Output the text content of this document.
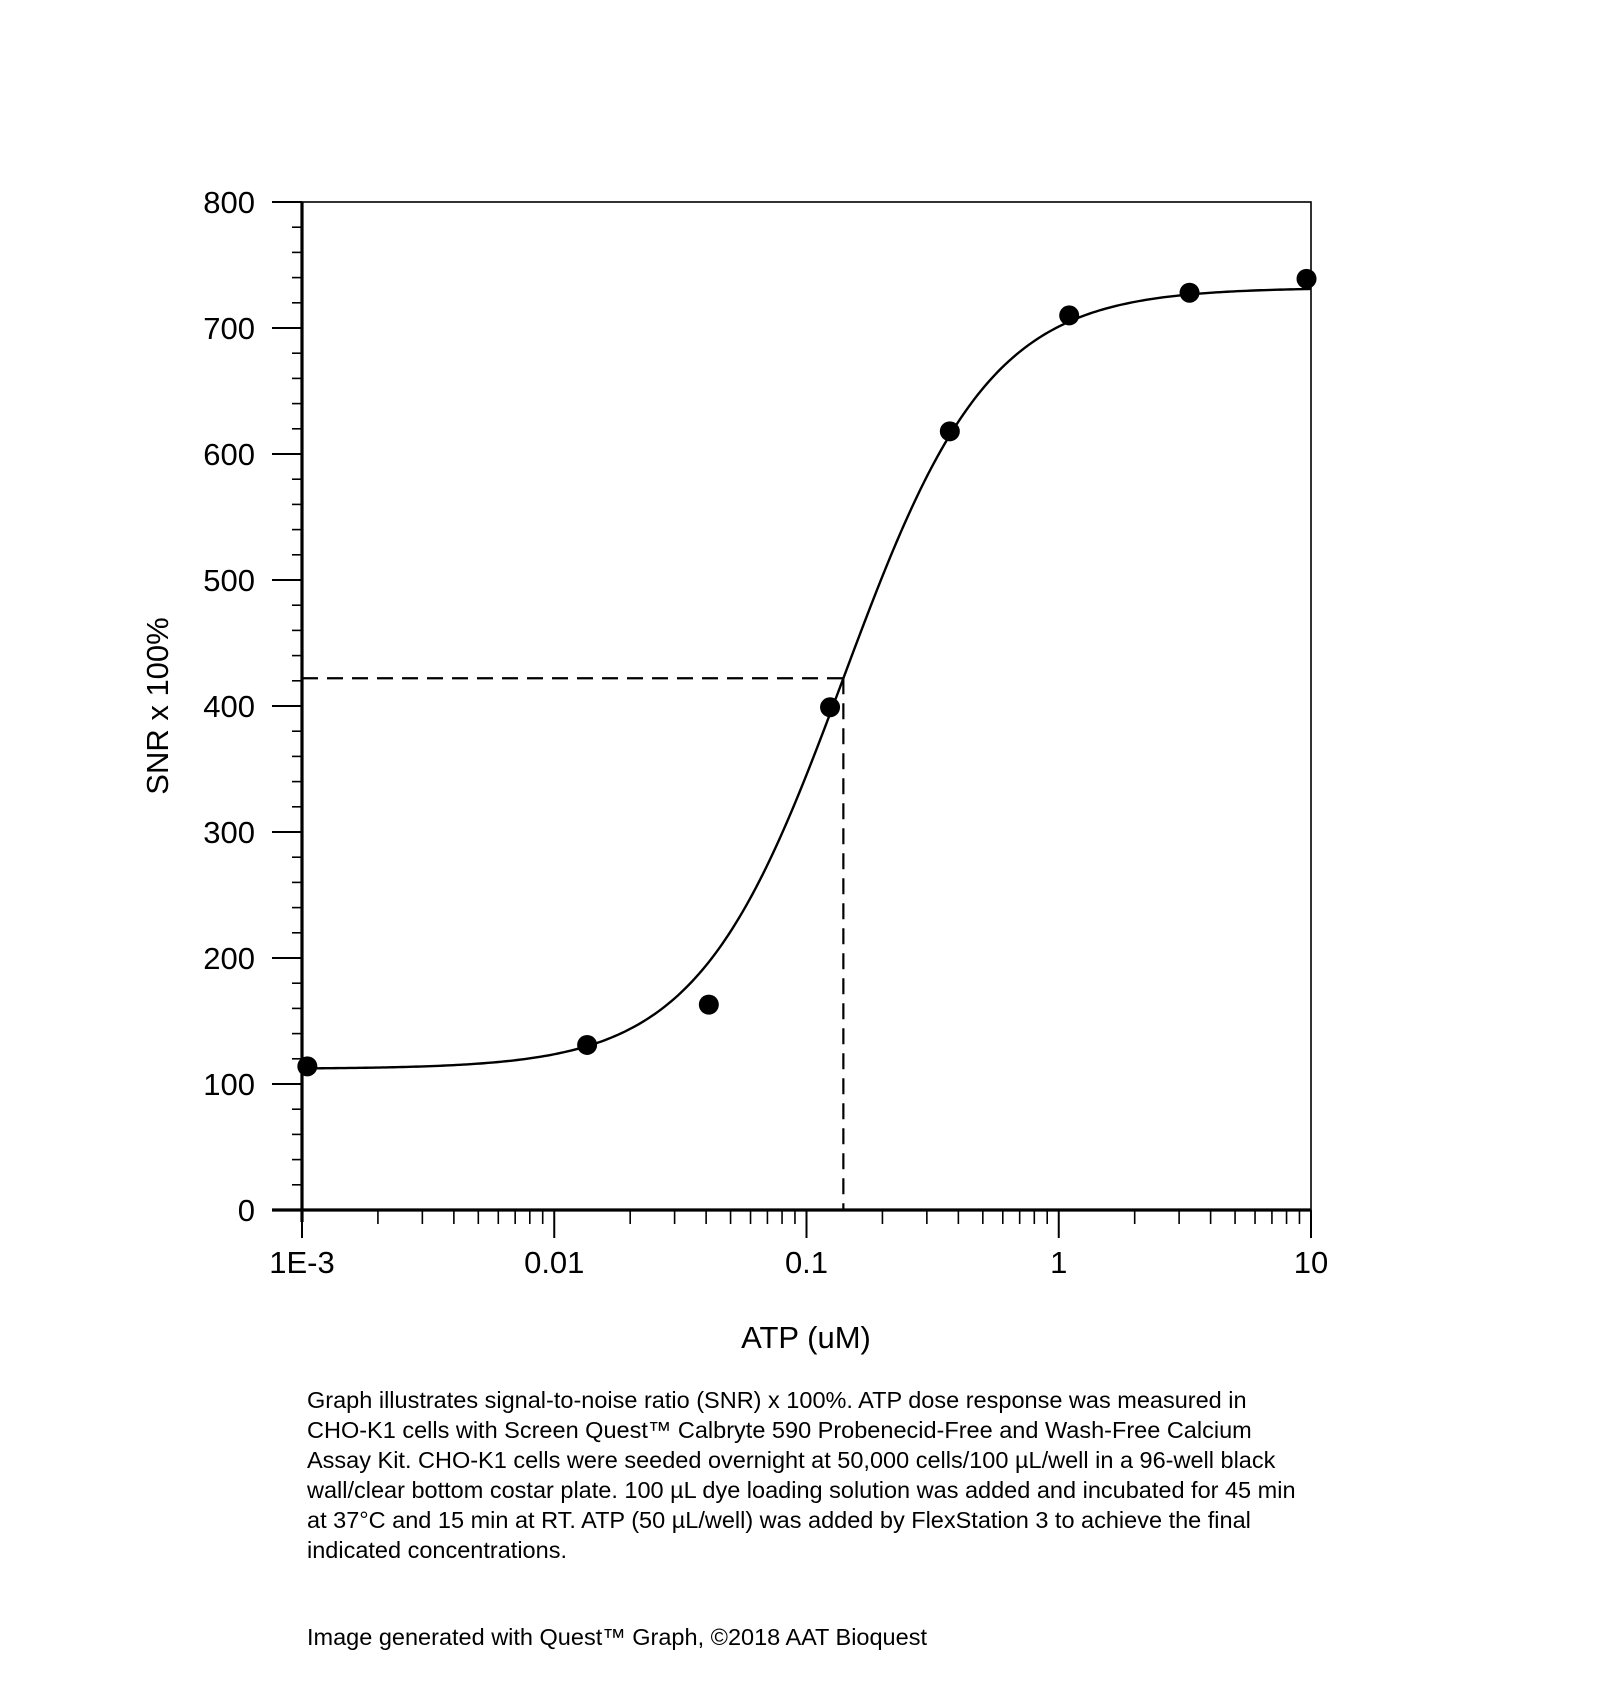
0
100
200
300
400
500
600
700
800
1E-3	0.01	0.1	1	10
ATP (uM)
SNR x 100%

Graph illustrates signal-to-noise ratio (SNR) x 100%. ATP dose response was measured in CHO-K1 cells with Screen Quest™ Calbryte 590 Probenecid-Free and Wash-Free Calcium Assay Kit. CHO-K1 cells were seeded overnight at 50,000 cells/100 µL/well in a 96-well black wall/clear bottom costar plate. 100 µL dye loading solution was added and incubated for 45 min at 37°C and 15 min at RT. ATP (50 µL/well) was added by FlexStation 3 to achieve the final indicated concentrations.

Image generated with Quest™ Graph, ©2018 AAT Bioquest
